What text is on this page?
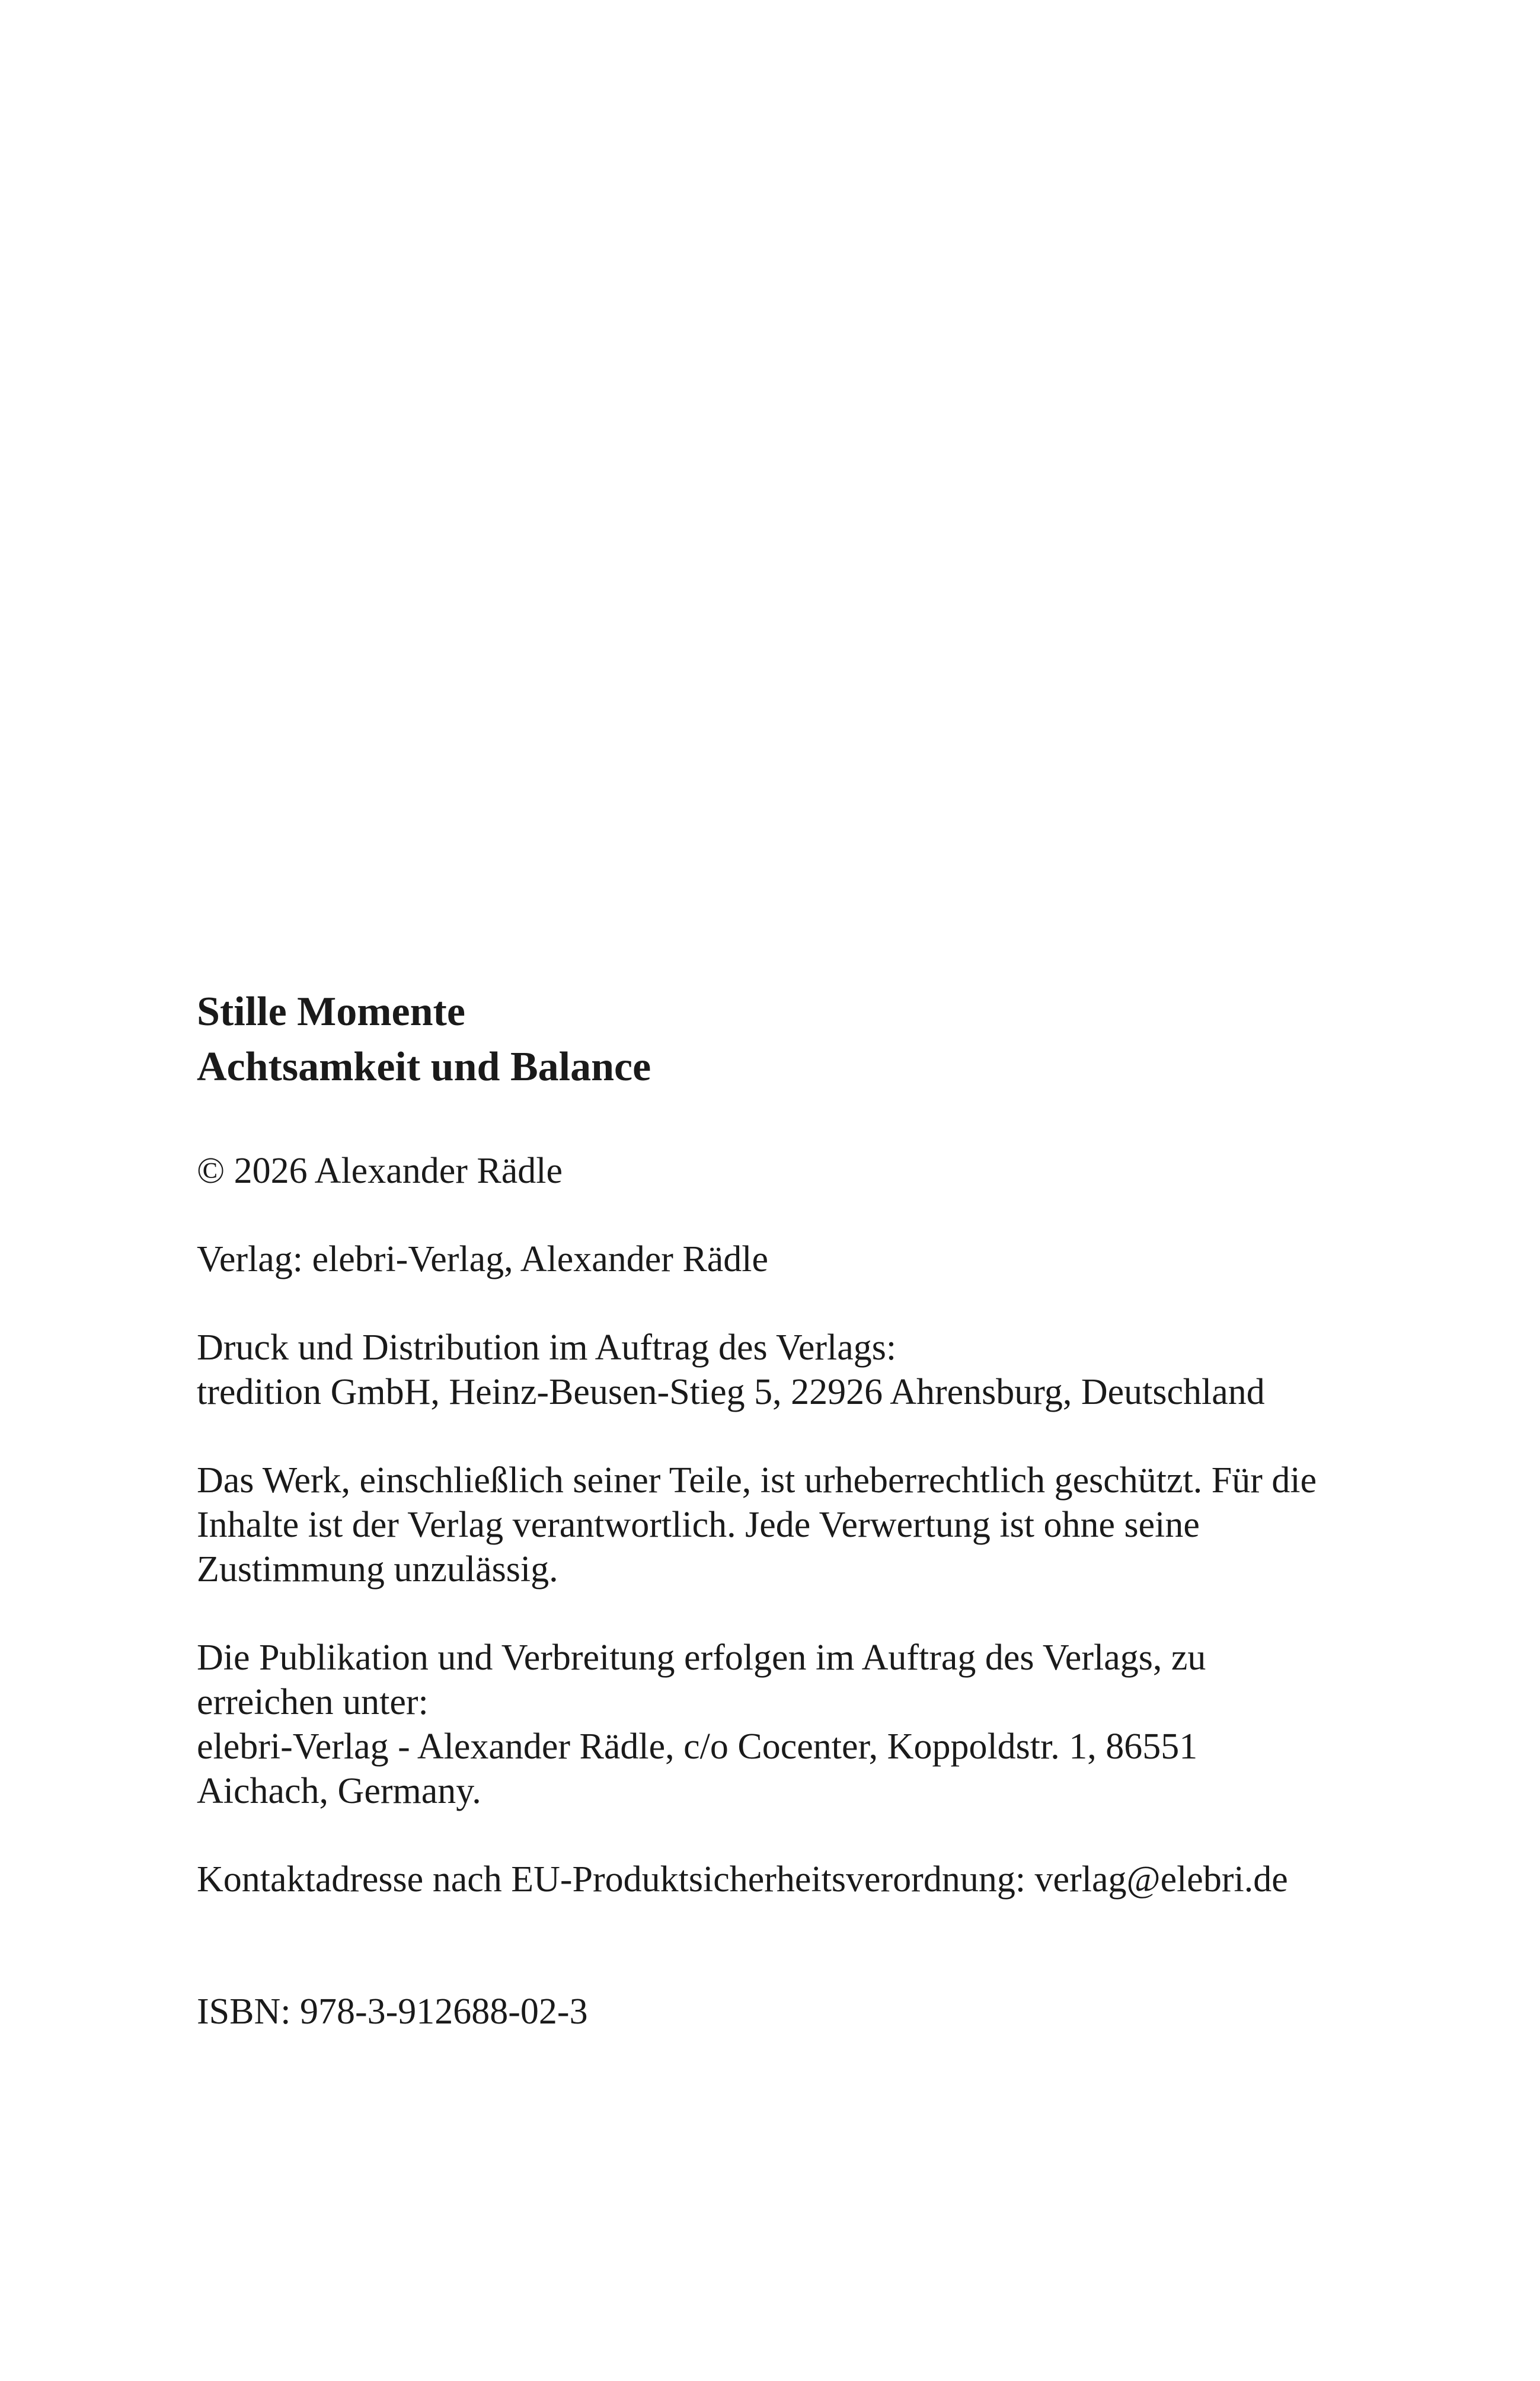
Stille Momente
Achtsamkeit und Balance

© 2026 Alexander Rädle

Verlag: elebri-Verlag, Alexander Rädle

Druck und Distribution im Auftrag des Verlags:
tredition GmbH, Heinz-Beusen-Stieg 5, 22926 Ahrensburg, Deutschland

Das Werk, einschließlich seiner Teile, ist urheberrechtlich geschützt. Für die
Inhalte ist der Verlag verantwortlich. Jede Verwertung ist ohne seine
Zustimmung unzulässig.

Die Publikation und Verbreitung erfolgen im Auftrag des Verlags, zu
erreichen unter:
elebri-Verlag - Alexander Rädle, c/o Cocenter, Koppoldstr. 1, 86551
Aichach, Germany.

Kontaktadresse nach EU-Produktsicherheitsverordnung: verlag@elebri.de

ISBN: 978-3-912688-02-3
